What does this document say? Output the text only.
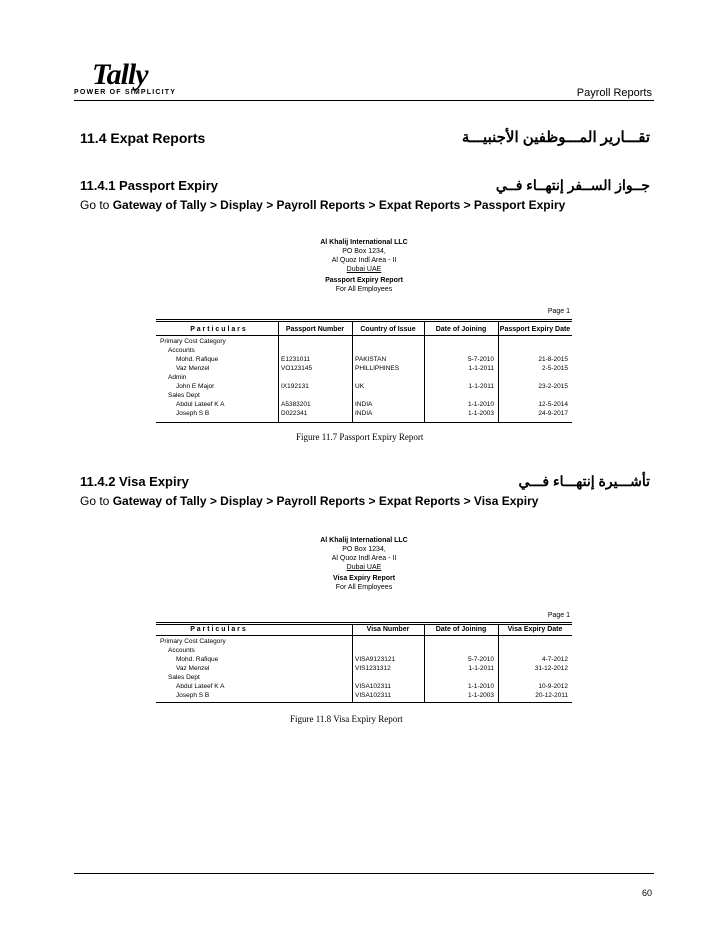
Tally
POWER OF SIMPLICITY	Payroll Reports
11.4 Expat Reports	تقـــارير المـــوظفين الأجنبيـــة
11.4.1 Passport Expiry	جــواز الســفر إنتهــاء فــي
Go to Gateway of Tally > Display > Payroll Reports > Expat Reports > Passport Expiry
Al Khalij International LLC
PO Box 1234,
Al Quoz Indl Area - II
Dubai UAE
Passport Expiry Report
For All Employees
Page 1
P a r t i c u l a r s	Passport Number	Country of Issue	Date of Joining	Passport Expiry Date
Primary Cost Category
Accounts
Mohd. Rafique	E1231011	PAKISTAN	5-7-2010	21-8-2015
Vaz Menzel	VO123145	PHILLIPHINES	1-1-2011	2-5-2015
Admin
John E Major	IX192131	UK	1-1-2011	23-2-2015
Sales Dept
Abdul Lateef K A	A5383201	INDIA	1-1-2010	12-5-2014
Joseph S B	D022341	INDIA	1-1-2003	24-9-2017
Figure 11.7 Passport Expiry Report
11.4.2 Visa Expiry	تأشـــيرة إنتهـــاء فـــي
Go to Gateway of Tally > Display > Payroll Reports > Expat Reports > Visa Expiry
Al Khalij International LLC
PO Box 1234,
Al Quoz Indl Area - II
Dubai UAE
Visa Expiry Report
For All Employees
Page 1
P a r t i c u l a r s	Visa Number	Date of Joining	Visa Expiry Date
Primary Cost Category
Accounts
Mohd. Rafique	VISA9123121	5-7-2010	4-7-2012
Vaz Menzel	VIS1231312	1-1-2011	31-12-2012
Sales Dept
Abdul Lateef K A	VISA102311	1-1-2010	10-9-2012
Joseph S B	VISA102311	1-1-2003	20-12-2011
Figure 11.8 Visa Expiry Report
60
